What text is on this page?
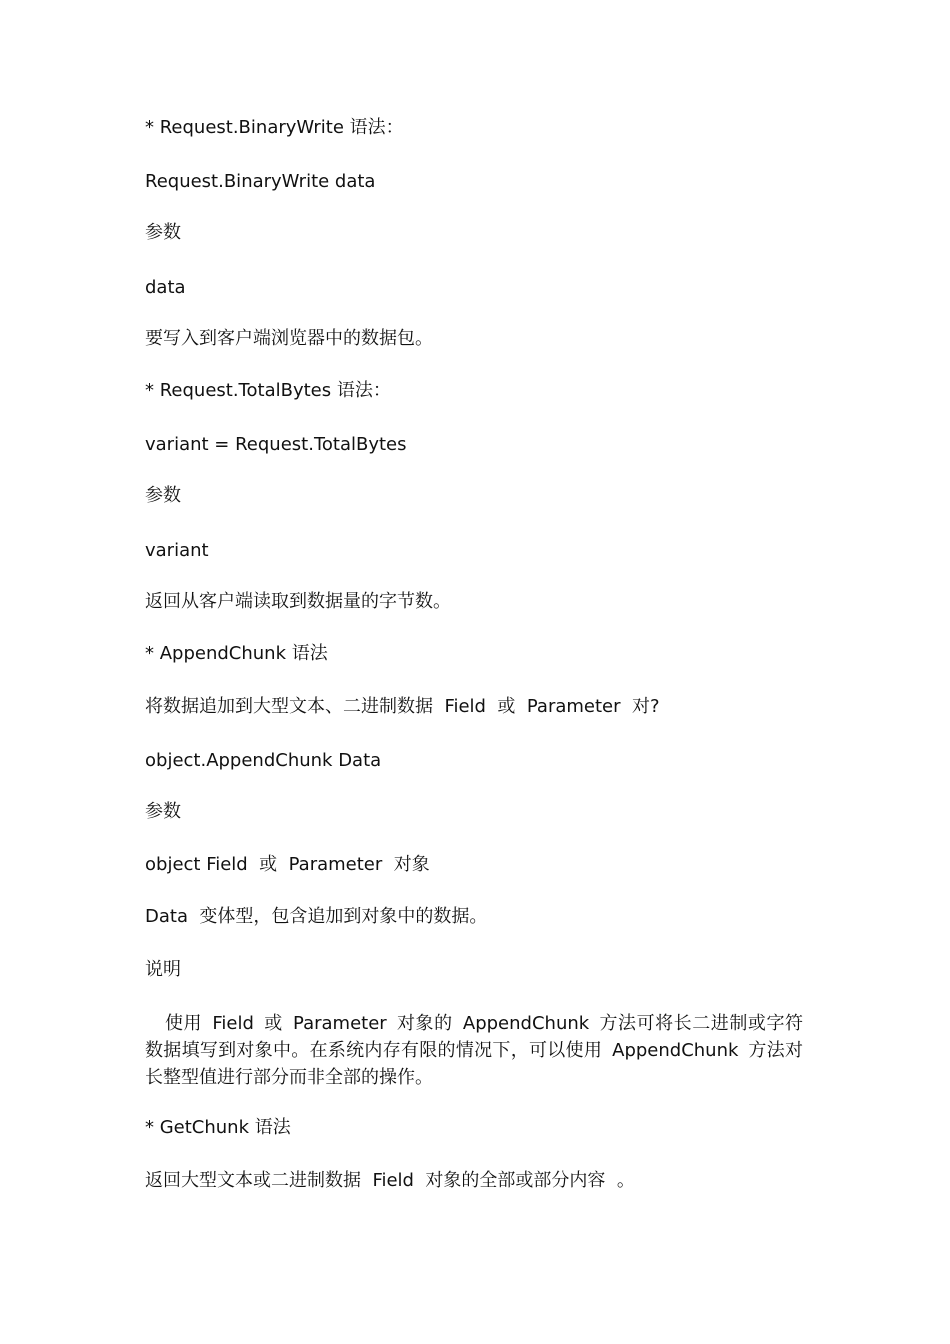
* Request.BinaryWrite 语法：
Request.BinaryWrite data
参数
data
要写入到客户端浏览器中的数据包。
* Request.TotalBytes 语法：
variant = Request.TotalBytes
参数
variant
返回从客户端读取到数据量的字节数。
* AppendChunk 语法
将数据追加到大型文本、二进制数据  Field  或  Parameter  对?
object.AppendChunk Data
参数
object Field  或  Parameter  对象
Data  变体型，包含追加到对象中的数据。
说明
使用 Field 或 Parameter 对象的 AppendChunk 方法可将长二进制或字符数据填写到对象中。在系统内存有限的情况下，可以使用 AppendChunk 方法对长整型值进行部分而非全部的操作。
* GetChunk 语法
返回大型文本或二进制数据  Field  对象的全部或部分内容  。
